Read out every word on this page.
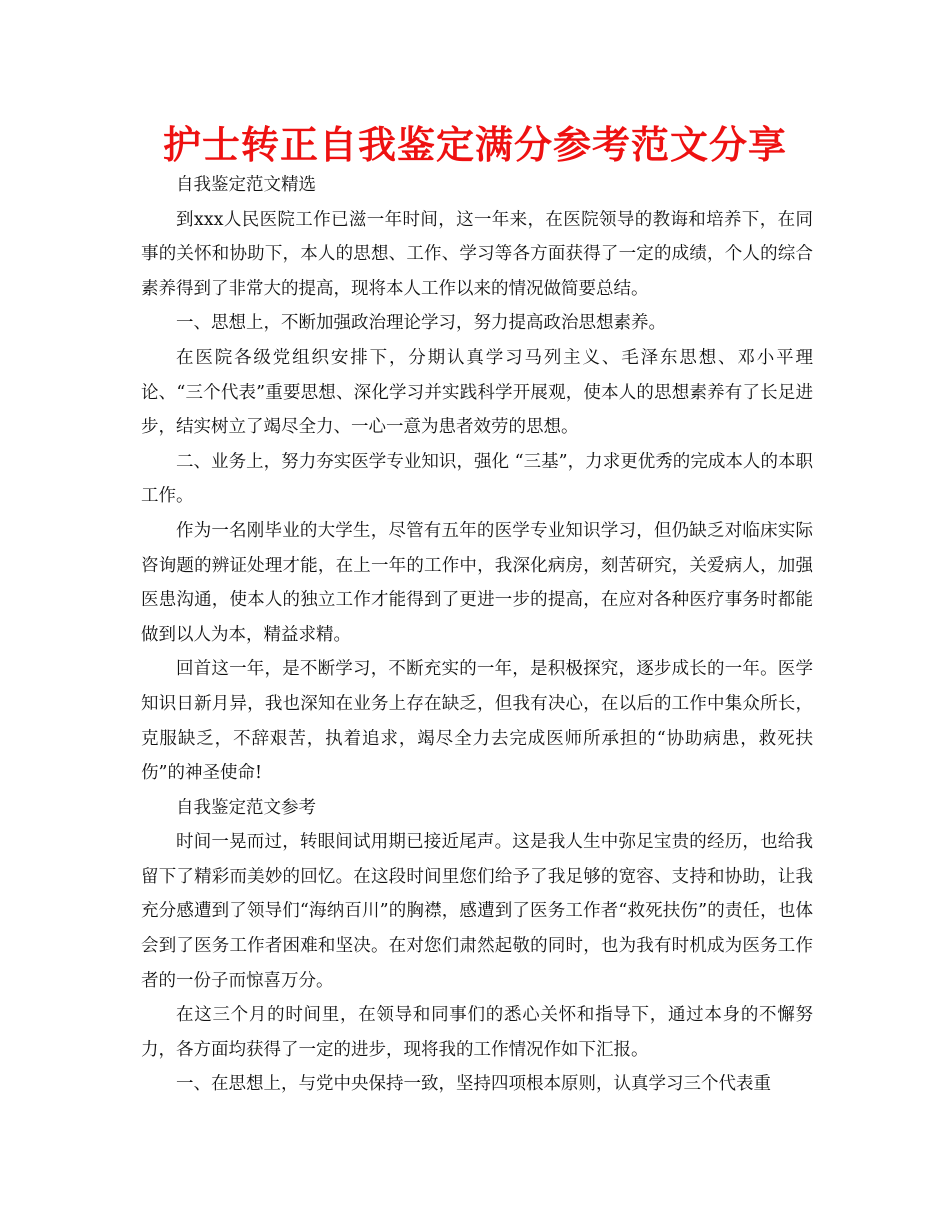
护士转正自我鉴定满分参考范文分享

自我鉴定范文精选

到xxx人民医院工作已滋一年时间，这一年来，在医院领导的教诲和培养下，在同事的关怀和协助下，本人的思想、工作、学习等各方面获得了一定的成绩，个人的综合素养得到了非常大的提高，现将本人工作以来的情况做简要总结。

一、思想上，不断加强政治理论学习，努力提高政治思想素养。

在医院各级党组织安排下，分期认真学习马列主义、毛泽东思想、邓小平理论、“三个代表”重要思想、深化学习并实践科学开展观，使本人的思想素养有了长足进步，结实树立了竭尽全力、一心一意为患者效劳的思想。

二、业务上，努力夯实医学专业知识，强化 “三基”，力求更优秀的完成本人的本职工作。

作为一名刚毕业的大学生，尽管有五年的医学专业知识学习，但仍缺乏对临床实际咨询题的辨证处理才能，在上一年的工作中，我深化病房，刻苦研究，关爱病人，加强医患沟通，使本人的独立工作才能得到了更进一步的提高，在应对各种医疗事务时都能做到以人为本，精益求精。

回首这一年，是不断学习，不断充实的一年，是积极探究，逐步成长的一年。医学知识日新月异，我也深知在业务上存在缺乏，但我有决心，在以后的工作中集众所长，克服缺乏，不辞艰苦，执着追求，竭尽全力去完成医师所承担的“协助病患，救死扶伤”的神圣使命!

自我鉴定范文参考

时间一晃而过，转眼间试用期已接近尾声。这是我人生中弥足宝贵的经历，也给我留下了精彩而美妙的回忆。在这段时间里您们给予了我足够的宽容、支持和协助，让我充分感遭到了领导们“海纳百川”的胸襟，感遭到了医务工作者“救死扶伤”的责任，也体会到了医务工作者困难和坚决。在对您们肃然起敬的同时，也为我有时机成为医务工作者的一份子而惊喜万分。

在这三个月的时间里，在领导和同事们的悉心关怀和指导下，通过本身的不懈努力，各方面均获得了一定的进步，现将我的工作情况作如下汇报。

一、在思想上，与党中央保持一致，坚持四项根本原则，认真学习三个代表重
